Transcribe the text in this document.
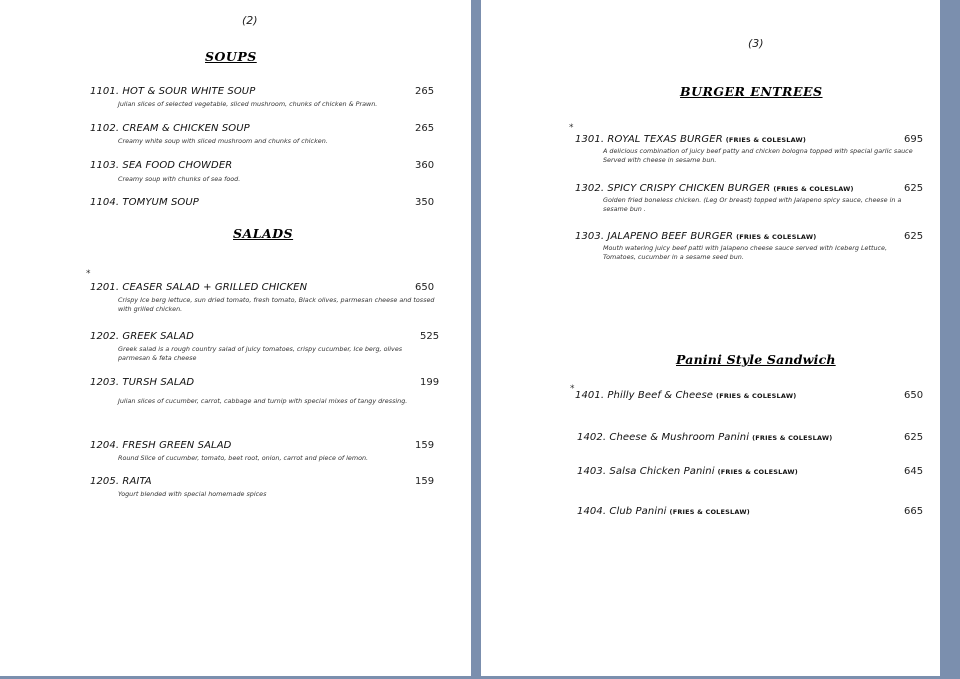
(2)
SOUPS
1101. HOT & SOUR WHITE SOUP	265
Julian slices of selected vegetable, sliced mushroom, chunks of chicken & Prawn.
1102. CREAM & CHICKEN SOUP	265
Creamy white soup with sliced mushroom and chunks of chicken.
1103. SEA FOOD CHOWDER	360
Creamy soup with chunks of sea food.
1104. TOMYUM SOUP	350
SALADS
*
1201. CEASER SALAD + GRILLED CHICKEN	650
Crispy Ice berg lettuce, sun dried tomato, fresh tomato, Black olives, parmesan cheese and tossed with grilled chicken.
1202. GREEK SALAD	525
Greek salad is a rough country salad of juicy tomatoes, crispy cucumber, Ice berg, olives parmesan & feta cheese
1203. TURSH SALAD	199
Julian slices of cucumber, carrot, cabbage and turnip with special mixes of tangy dressing.
1204. FRESH GREEN SALAD	159
Round Slice of cucumber, tomato, beet root, onion, carrot and piece of lemon.
1205. RAITA	159
Yogurt blended with special homemade spices
(3)
BURGER ENTREES
*
1301. ROYAL TEXAS BURGER (FRIES & COLESLAW)	695
A delicious combination of juicy beef patty and chicken bologna topped with special garlic sauce Served with cheese in sesame bun.
1302. SPICY CRISPY CHICKEN BURGER (FRIES & COLESLAW)	625
Golden fried boneless chicken. (Leg Or breast) topped with Jalapeno spicy sauce, cheese in a sesame bun .
1303. JALAPENO BEEF BURGER (FRIES & COLESLAW)	625
Mouth watering juicy beef patti with Jalapeno cheese sauce served with Iceberg Lettuce, Tomatoes, cucumber in a sesame seed bun.
Panini Style Sandwich
*
1401. Philly Beef & Cheese (FRIES & COLESLAW)	650
1402. Cheese & Mushroom Panini (FRIES & COLESLAW)	625
1403. Salsa Chicken Panini (FRIES & COLESLAW)	645
1404. Club Panini (FRIES & COLESLAW)	665
